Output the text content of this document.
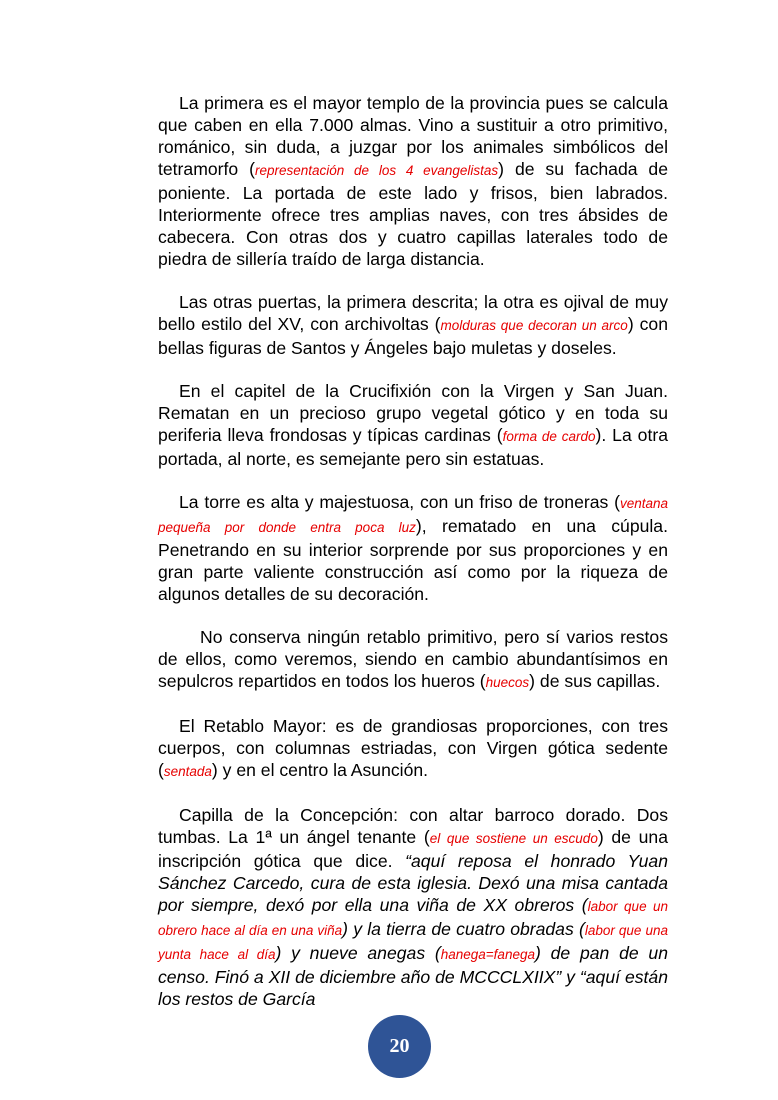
La primera es el mayor templo de la provincia pues se calcula que caben en ella 7.000 almas. Vino a sustituir a otro primitivo, románico, sin duda, a juzgar por los animales simbólicos del tetramorfo (representación de los 4 evangelistas) de su fachada de poniente. La portada de este lado y frisos, bien labrados. Interiormente ofrece tres amplias naves, con tres ábsides de cabecera. Con otras dos y cuatro capillas laterales todo de piedra de sillería traído de larga distancia.

Las otras puertas, la primera descrita; la otra es ojival de muy bello estilo del XV, con archivoltas (molduras que decoran un arco) con bellas figuras de Santos y Ángeles bajo muletas y doseles.

En el capitel de la Crucifixión con la Virgen y San Juan. Rematan en un precioso grupo vegetal gótico y en toda su periferia lleva frondosas y típicas cardinas (forma de cardo). La otra portada, al norte, es semejante pero sin estatuas.

La torre es alta y majestuosa, con un friso de troneras (ventana pequeña por donde entra poca luz), rematado en una cúpula. Penetrando en su interior sorprende por sus proporciones y en gran parte valiente construcción así como por la riqueza de algunos detalles de su decoración.

No conserva ningún retablo primitivo, pero sí varios restos de ellos, como veremos, siendo en cambio abundantísimos en sepulcros repartidos en todos los hueros (huecos) de sus capillas.

El Retablo Mayor: es de grandiosas proporciones, con tres cuerpos, con columnas estriadas, con Virgen gótica sedente (sentada) y en el centro la Asunción.

Capilla de la Concepción: con altar barroco dorado. Dos tumbas. La 1ª un ángel tenante (el que sostiene un escudo) de una inscripción gótica que dice. “aquí reposa el honrado Yuan Sánchez Carcedo, cura de esta iglesia. Dexó una misa cantada por siempre, dexó por ella una viña de XX obreros (labor que un obrero hace al día en una viña) y la tierra de cuatro obradas (labor que una yunta hace al día) y nueve anegas (hanega=fanega) de pan de un censo. Finó a XII de diciembre año de MCCCLXIIX” y “aquí están los restos de García

20
